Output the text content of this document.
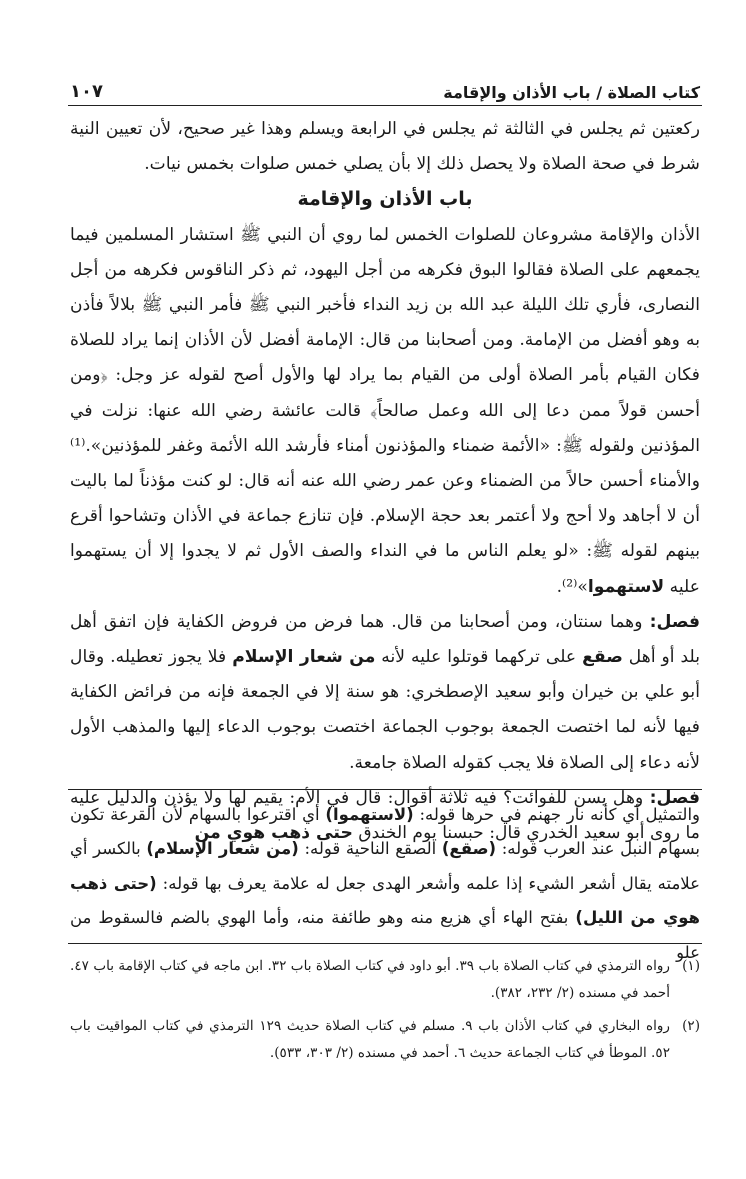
كتاب الصلاة / باب الأذان والإقامة
١٠٧

ركعتين ثم يجلس في الثالثة ثم يجلس في الرابعة ويسلم وهذا غير صحيح، لأن تعيين النية شرط في صحة الصلاة ولا يحصل ذلك إلا بأن يصلي خمس صلوات بخمس نيات.

باب الأذان والإقامة

الأذان والإقامة مشروعان للصلوات الخمس لما روي أن النبي ﷺ استشار المسلمين فيما يجمعهم على الصلاة فقالوا البوق فكرهه من أجل اليهود، ثم ذكر الناقوس فكرهه من أجل النصارى، فأري تلك الليلة عبد الله بن زيد النداء فأخبر النبي ﷺ فأمر النبي ﷺ بلالاً فأذن به وهو أفضل من الإمامة. ومن أصحابنا من قال: الإمامة أفضل لأن الأذان إنما يراد للصلاة فكان القيام بأمر الصلاة أولى من القيام بما يراد لها والأول أصح لقوله عز وجل: ﴿ومن أحسن قولاً ممن دعا إلى الله وعمل صالحاً﴾ قالت عائشة رضي الله عنها: نزلت في المؤذنين ولقوله ﷺ: «الأئمة ضمناء والمؤذنون أمناء فأرشد الله الأئمة وغفر للمؤذنين».⁽¹⁾ والأمناء أحسن حالاً من الضمناء وعن عمر رضي الله عنه أنه قال: لو كنت مؤذناً لما باليت أن لا أجاهد ولا أحج ولا أعتمر بعد حجة الإسلام. فإن تنازع جماعة في الأذان وتشاحوا أقرع بينهم لقوله ﷺ: «لو يعلم الناس ما في النداء والصف الأول ثم لا يجدوا إلا أن يستهموا عليه لاستهموا»⁽²⁾.

فصل: وهما سنتان، ومن أصحابنا من قال. هما فرض من فروض الكفاية فإن اتفق أهل بلد أو أهل صقع على تركهما قوتلوا عليه لأنه من شعار الإسلام فلا يجوز تعطيله. وقال أبو علي بن خيران وأبو سعيد الإصطخري: هو سنة إلا في الجمعة فإنه من فرائض الكفاية فيها لأنه لما اختصت الجمعة بوجوب الجماعة اختصت بوجوب الدعاء إليها والمذهب الأول لأنه دعاء إلى الصلاة فلا يجب كقوله الصلاة جامعة.

فصل: وهل يسن للفوائت؟ فيه ثلاثة أقوال: قال في الأم: يقيم لها ولا يؤذن والدليل عليه ما روى أبو سعيد الخدري قال: حبسنا يوم الخندق حتى ذهب هوي من

والتمثيل أي كأنه نار جهنم في حرها قوله: (لاستهموا) أي اقترعوا بالسهام لأن القرعة تكون بسهام النبل عند العرب قوله: (صقع) الصقع الناحية قوله: (من شعار الإسلام) بالكسر أي علامته يقال أشعر الشيء إذا علمه وأشعر الهدى جعل له علامة يعرف بها قوله: (حتى ذهب هوي من الليل) بفتح الهاء أي هزيع منه وهو طائفة منه، وأما الهوي بالضم فالسقوط من علو

(١)
رواه الترمذي في كتاب الصلاة باب ٣٩. أبو داود في كتاب الصلاة باب ٣٢. ابن ماجه في كتاب الإقامة باب ٤٧. أحمد في مسنده (٢/ ٢٣٢، ٣٨٢).
(٢)
رواه البخاري في كتاب الأذان باب ٩. مسلم في كتاب الصلاة حديث ١٢٩ الترمذي في كتاب المواقيت باب ٥٢. الموطأ في كتاب الجماعة حديث ٦. أحمد في مسنده (٢/ ٣٠٣، ٥٣٣).
